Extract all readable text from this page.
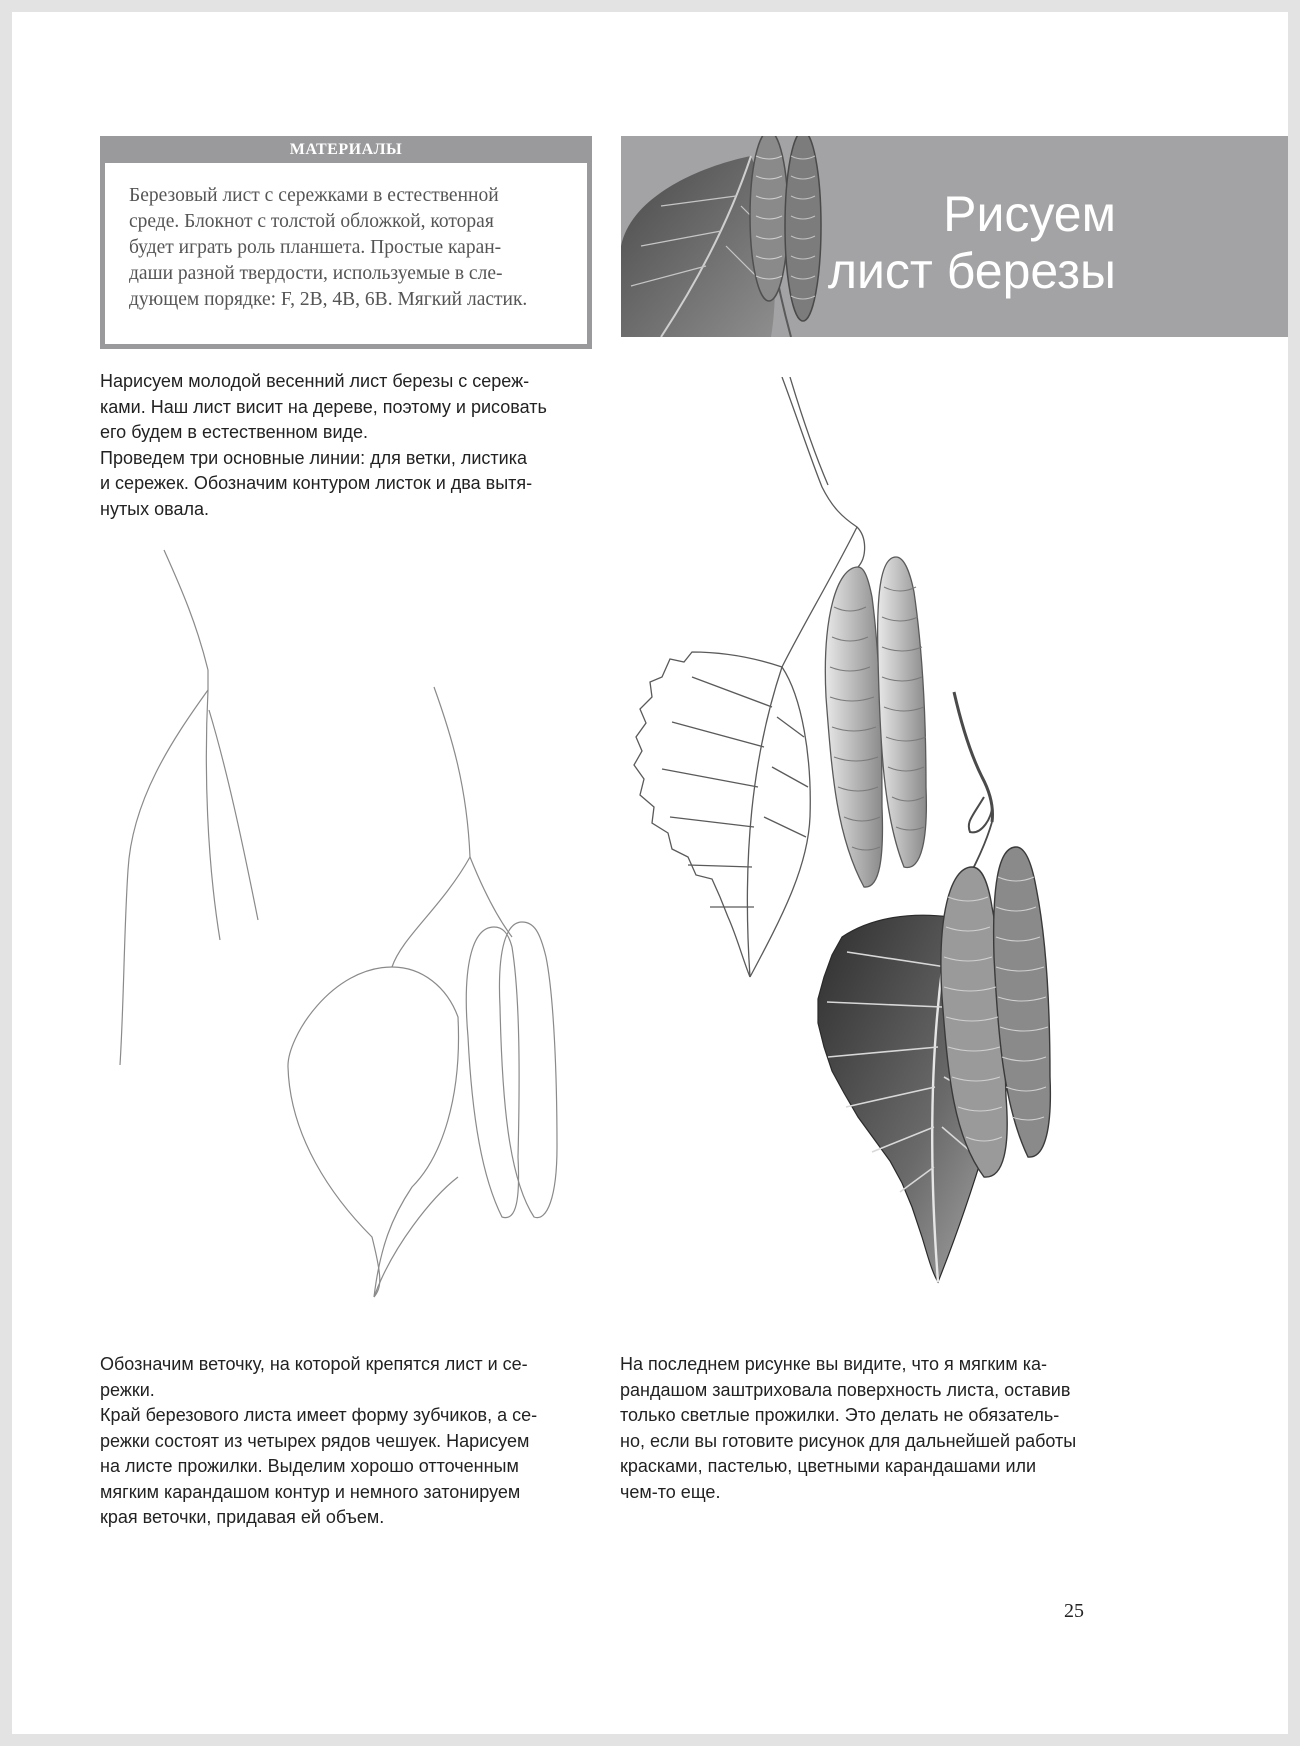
МАТЕРИАЛЫ
Березовый лист с сережками в естественной
среде. Блокнот с толстой обложкой, которая
будет играть роль планшета. Простые каран-
даши разной твердости, используемые в сле-
дующем порядке: F, 2B, 4B, 6B. Мягкий ластик.
Рисуем
лист березы
Нарисуем молодой весенний лист березы с сереж-
ками. Наш лист висит на дереве, поэтому и рисовать
его будем в естественном виде.
Проведем три основные линии: для ветки, листика
и сережек. Обозначим контуром листок и два вытя-
нутых овала.
Обозначим веточку, на которой крепятся лист и се-
режки.
Край березового листа имеет форму зубчиков, а се-
режки состоят из четырех рядов чешуек. Нарисуем
на листе прожилки. Выделим хорошо отточенным
мягким карандашом контур и немного затонируем
края веточки, придавая ей объем.
На последнем рисунке вы видите, что я мягким ка-
рандашом заштриховала поверхность листа, оставив
только светлые прожилки. Это делать не обязатель-
но, если вы готовите рисунок для дальнейшей работы
красками, пастелью, цветными карандашами или
чем-то еще.
25
